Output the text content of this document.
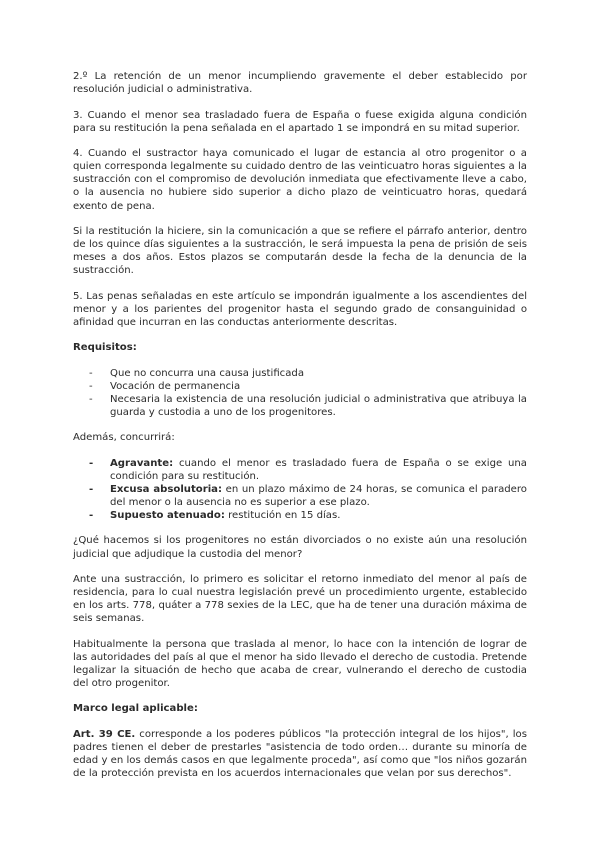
2.º La retención de un menor incumpliendo gravemente el deber establecido por resolución judicial o administrativa.

3. Cuando el menor sea trasladado fuera de España o fuese exigida alguna condición para su restitución la pena señalada en el apartado 1 se impondrá en su mitad superior.

4. Cuando el sustractor haya comunicado el lugar de estancia al otro progenitor o a quien corresponda legalmente su cuidado dentro de las veinticuatro horas siguientes a la sustracción con el compromiso de devolución inmediata que efectivamente lleve a cabo, o la ausencia no hubiere sido superior a dicho plazo de veinticuatro horas, quedará exento de pena.

Si la restitución la hiciere, sin la comunicación a que se refiere el párrafo anterior, dentro de los quince días siguientes a la sustracción, le será impuesta la pena de prisión de seis meses a dos años. Estos plazos se computarán desde la fecha de la denuncia de la sustracción.

5. Las penas señaladas en este artículo se impondrán igualmente a los ascendientes del menor y a los parientes del progenitor hasta el segundo grado de consanguinidad o afinidad que incurran en las conductas anteriormente descritas.

Requisitos:

- Que no concurra una causa justificada
- Vocación de permanencia
- Necesaria la existencia de una resolución judicial o administrativa que atribuya la guarda y custodia a uno de los progenitores.

Además, concurrirá:

- Agravante: cuando el menor es trasladado fuera de España o se exige una condición para su restitución.
- Excusa absolutoria: en un plazo máximo de 24 horas, se comunica el paradero del menor o la ausencia no es superior a ese plazo.
- Supuesto atenuado: restitución en 15 días.

¿Qué hacemos si los progenitores no están divorciados o no existe aún una resolución judicial que adjudique la custodia del menor?

Ante una sustracción, lo primero es solicitar el retorno inmediato del menor al país de residencia, para lo cual nuestra legislación prevé un procedimiento urgente, establecido en los arts. 778, quáter a 778 sexies de la LEC, que ha de tener una duración máxima de seis semanas.

Habitualmente la persona que traslada al menor, lo hace con la intención de lograr de las autoridades del país al que el menor ha sido llevado el derecho de custodia. Pretende legalizar la situación de hecho que acaba de crear, vulnerando el derecho de custodia del otro progenitor.

Marco legal aplicable:

Art. 39 CE. corresponde a los poderes públicos "la protección integral de los hijos", los padres tienen el deber de prestarles "asistencia de todo orden… durante su minoría de edad y en los demás casos en que legalmente proceda", así como que "los niños gozarán de la protección prevista en los acuerdos internacionales que velan por sus derechos".
